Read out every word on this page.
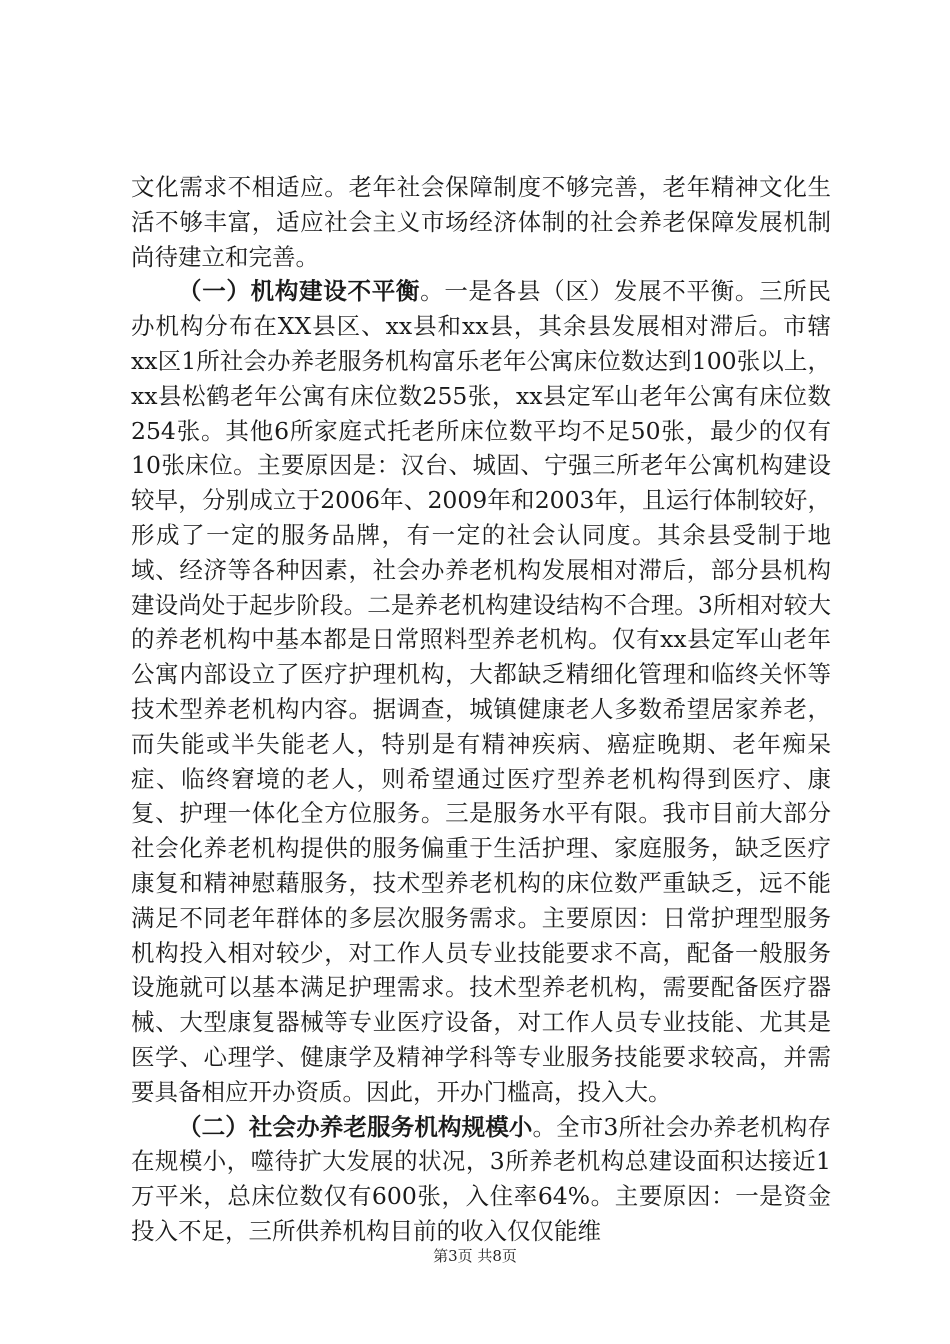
文化需求不相适应。老年社会保障制度不够完善，老年精神文化生活不够丰富，适应社会主义市场经济体制的社会养老保障发展机制尚待建立和完善。

（一）机构建设不平衡。一是各县（区）发展不平衡。三所民办机构分布在XX县区、xx县和xx县，其余县发展相对滞后。市辖xx区1所社会办养老服务机构富乐老年公寓床位数达到100张以上，xx县松鹤老年公寓有床位数255张，xx县定军山老年公寓有床位数254张。其他6所家庭式托老所床位数平均不足50张，最少的仅有10张床位。主要原因是：汉台、城固、宁强三所老年公寓机构建设较早，分别成立于2006年、2009年和2003年，且运行体制较好，形成了一定的服务品牌，有一定的社会认同度。其余县受制于地域、经济等各种因素，社会办养老机构发展相对滞后，部分县机构建设尚处于起步阶段。二是养老机构建设结构不合理。3所相对较大的养老机构中基本都是日常照料型养老机构。仅有xx县定军山老年公寓内部设立了医疗护理机构，大都缺乏精细化管理和临终关怀等技术型养老机构内容。据调查，城镇健康老人多数希望居家养老，而失能或半失能老人，特别是有精神疾病、癌症晚期、老年痴呆症、临终窘境的老人，则希望通过医疗型养老机构得到医疗、康复、护理一体化全方位服务。三是服务水平有限。我市目前大部分社会化养老机构提供的服务偏重于生活护理、家庭服务，缺乏医疗康复和精神慰藉服务，技术型养老机构的床位数严重缺乏，远不能满足不同老年群体的多层次服务需求。主要原因：日常护理型服务机构投入相对较少，对工作人员专业技能要求不高，配备一般服务设施就可以基本满足护理需求。技术型养老机构，需要配备医疗器械、大型康复器械等专业医疗设备，对工作人员专业技能、尤其是医学、心理学、健康学及精神学科等专业服务技能要求较高，并需要具备相应开办资质。因此，开办门槛高，投入大。

（二）社会办养老服务机构规模小。全市3所社会办养老机构存在规模小，噬待扩大发展的状况，3所养老机构总建设面积达接近1万平米，总床位数仅有600张，入住率64%。主要原因：一是资金投入不足，三所供养机构目前的收入仅仅能维

第3页 共8页
